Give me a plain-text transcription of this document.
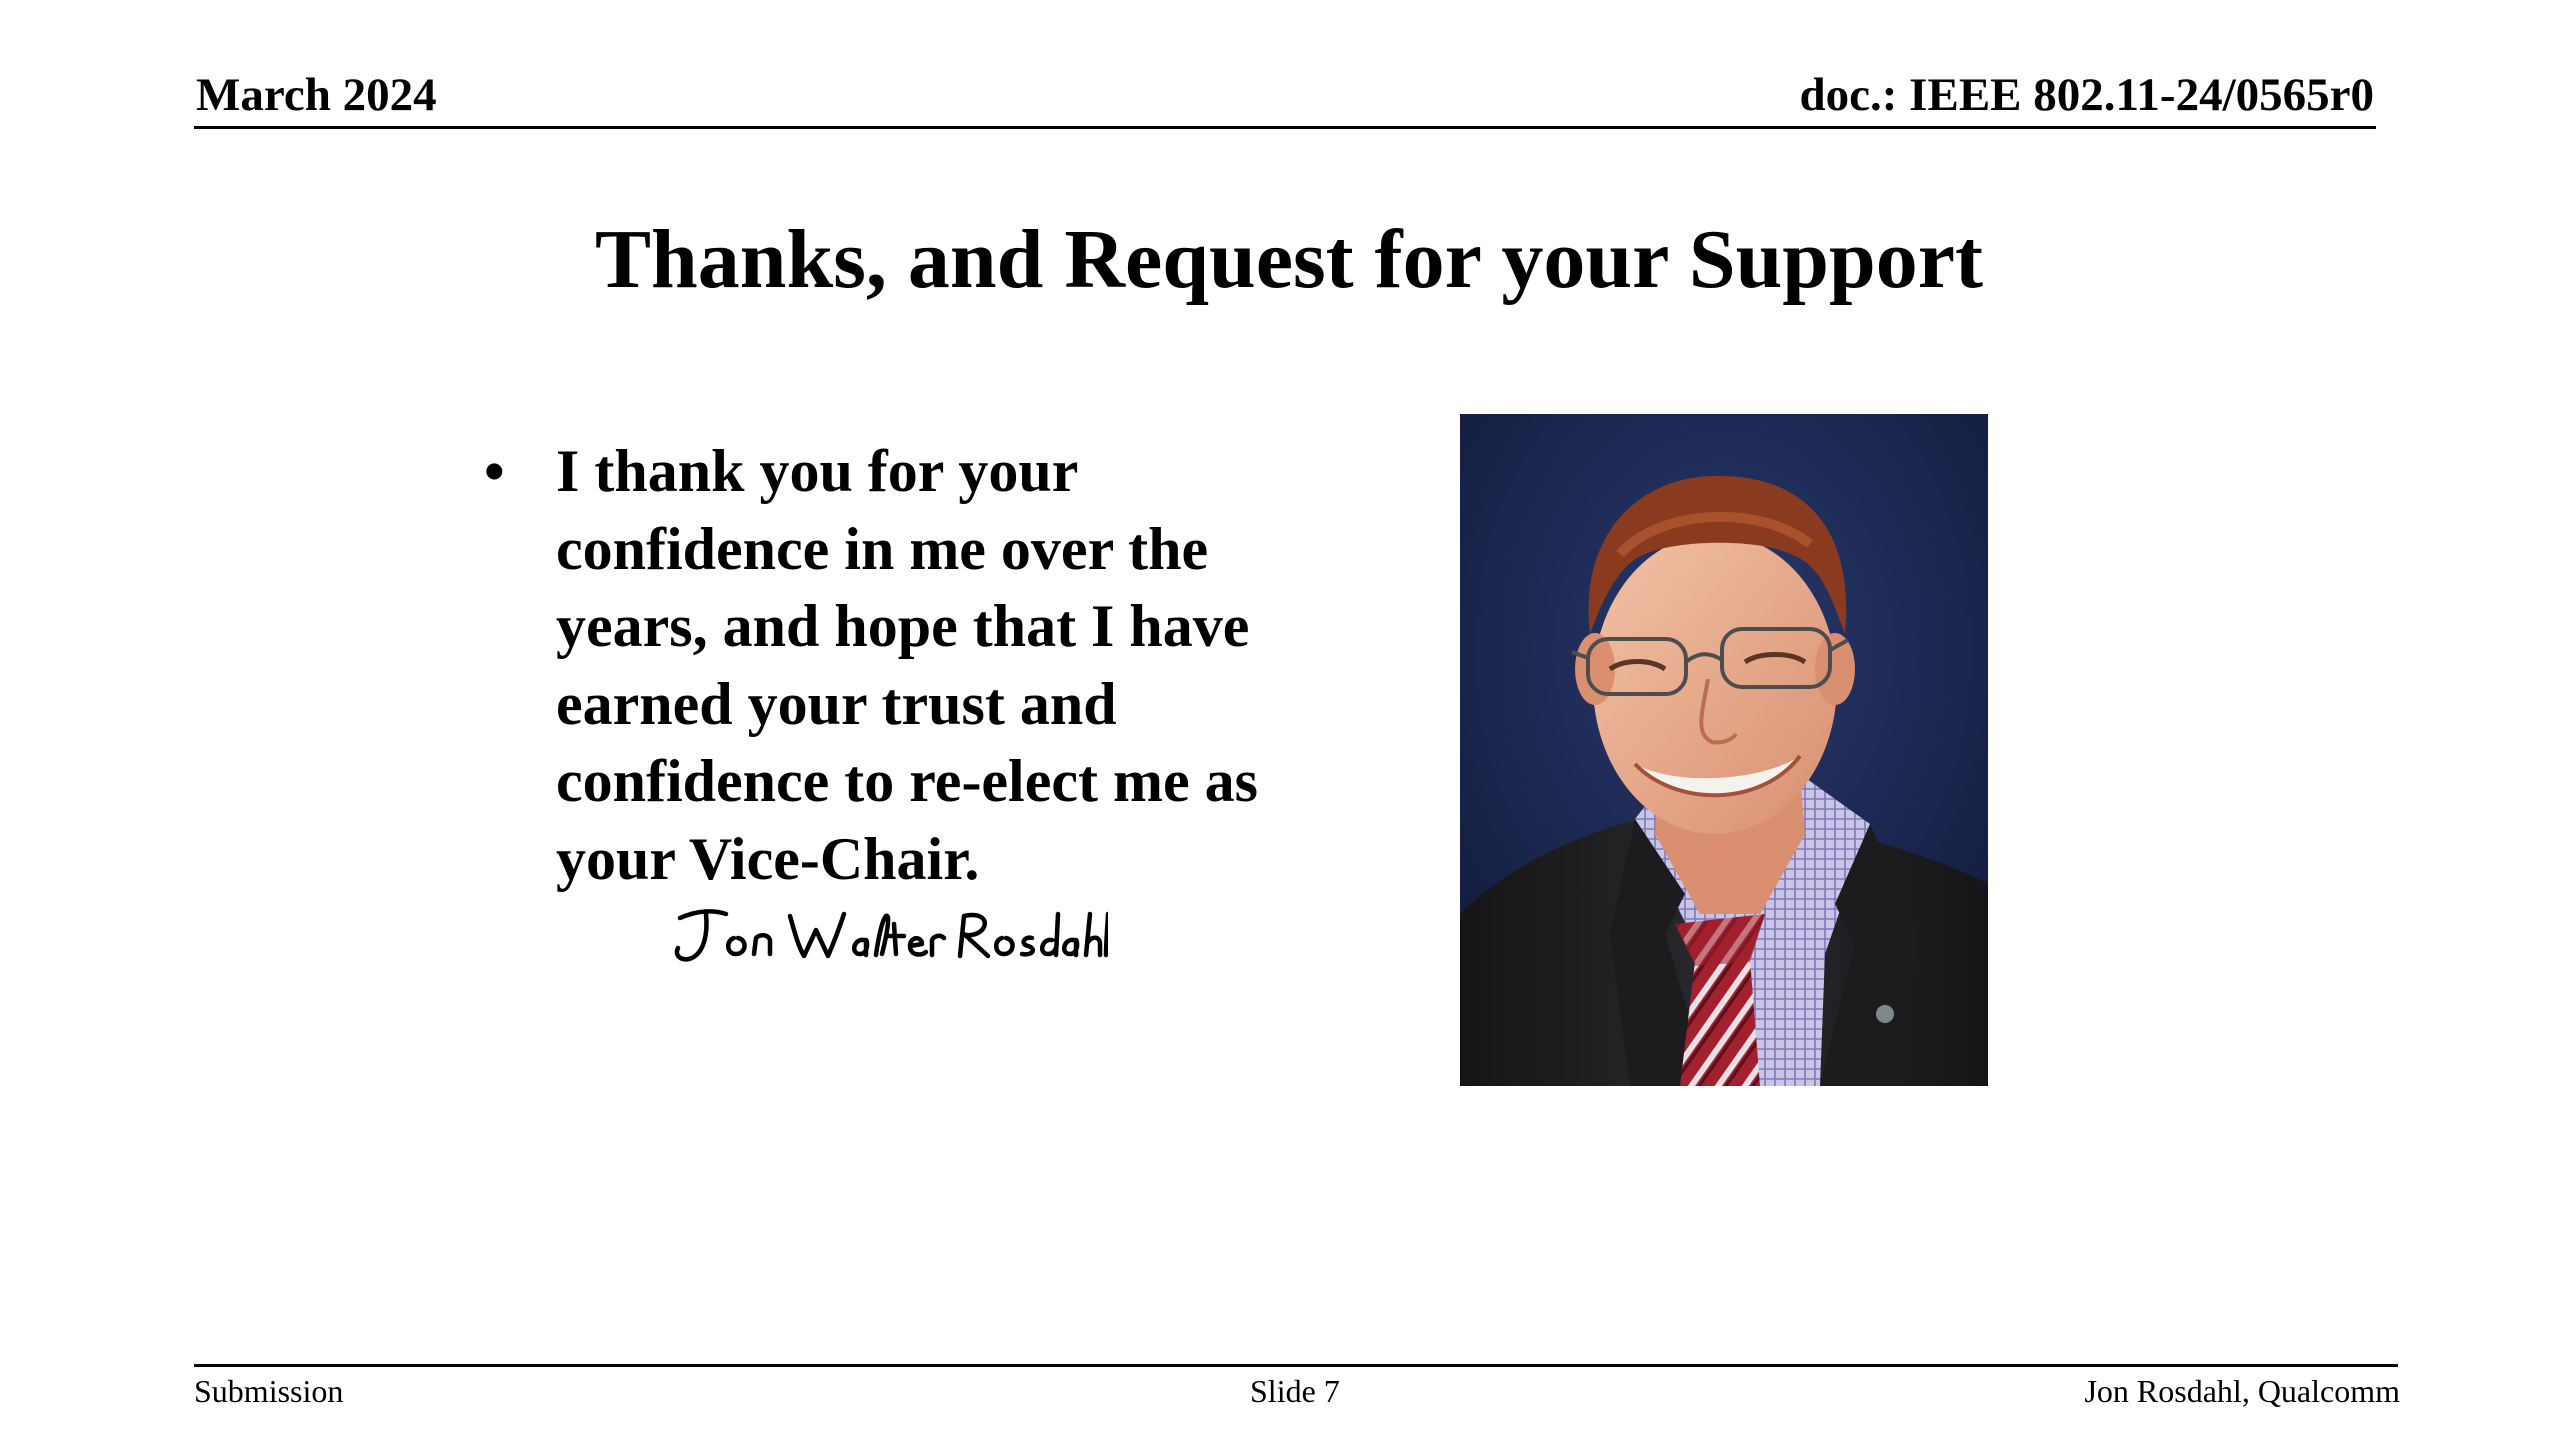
March 2024	doc.: IEEE 802.11-24/0565r0
Thanks, and Request for your Support
• I thank you for your confidence in me over the years, and hope that I have earned your trust and confidence to re-elect me as your Vice-Chair.
Submission	Slide 7	Jon Rosdahl, Qualcomm
